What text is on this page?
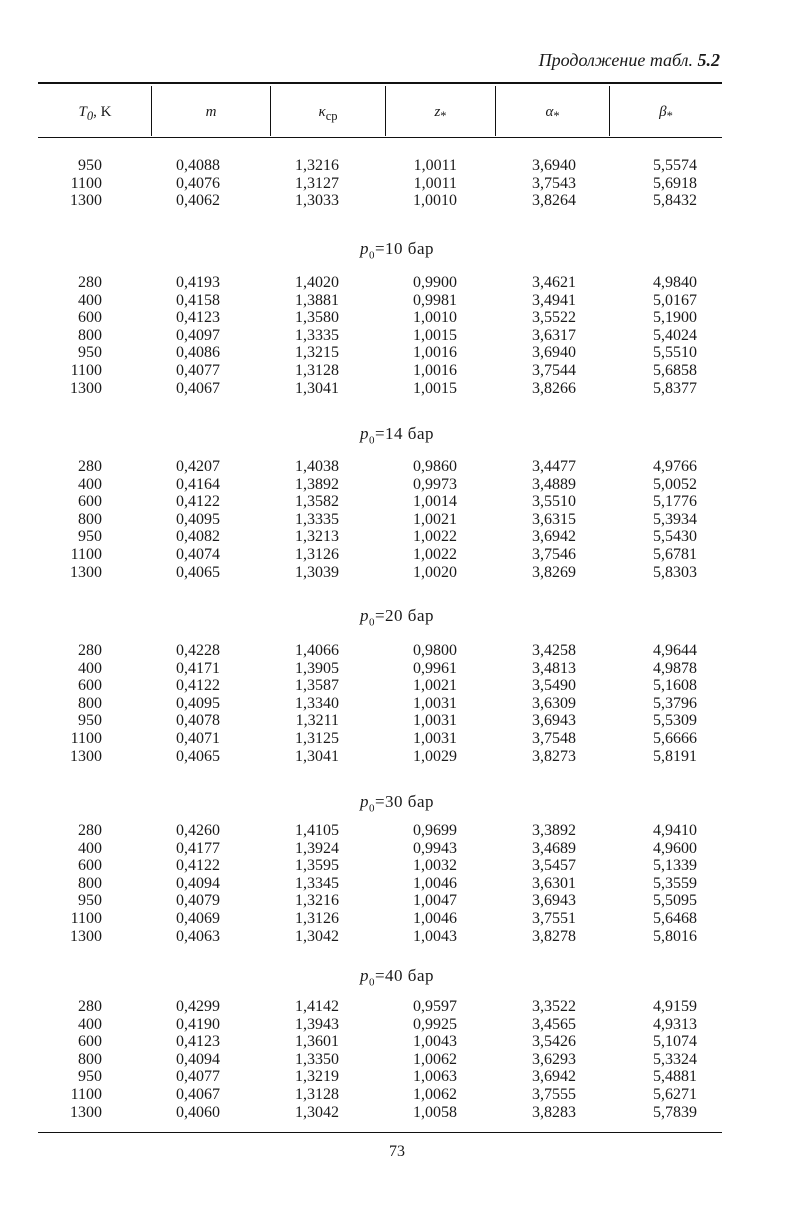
Продолжение табл. 5.2
$T_0$, K	m	$\kappa_{cp}$	$z_*$	$\alpha_*$	$\beta_*$
950	0,4088	1,3216	1,0011	3,6940	5,5574
1100	0,4076	1,3127	1,0011	3,7543	5,6918
1300	0,4062	1,3033	1,0010	3,8264	5,8432
$p_0=10$ бар
280	0,4193	1,4020	0,9900	3,4621	4,9840
400	0,4158	1,3881	0,9981	3,4941	5,0167
600	0,4123	1,3580	1,0010	3,5522	5,1900
800	0,4097	1,3335	1,0015	3,6317	5,4024
950	0,4086	1,3215	1,0016	3,6940	5,5510
1100	0,4077	1,3128	1,0016	3,7544	5,6858
1300	0,4067	1,3041	1,0015	3,8266	5,8377
$p_0=14$ бар
280	0,4207	1,4038	0,9860	3,4477	4,9766
400	0,4164	1,3892	0,9973	3,4889	5,0052
600	0,4122	1,3582	1,0014	3,5510	5,1776
800	0,4095	1,3335	1,0021	3,6315	5,3934
950	0,4082	1,3213	1,0022	3,6942	5,5430
1100	0,4074	1,3126	1,0022	3,7546	5,6781
1300	0,4065	1,3039	1,0020	3,8269	5,8303
$p_0=20$ бар
280	0,4228	1,4066	0,9800	3,4258	4,9644
400	0,4171	1,3905	0,9961	3,4813	4,9878
600	0,4122	1,3587	1,0021	3,5490	5,1608
800	0,4095	1,3340	1,0031	3,6309	5,3796
950	0,4078	1,3211	1,0031	3,6943	5,5309
1100	0,4071	1,3125	1,0031	3,7548	5,6666
1300	0,4065	1,3041	1,0029	3,8273	5,8191
$p_0=30$ бар
280	0,4260	1,4105	0,9699	3,3892	4,9410
400	0,4177	1,3924	0,9943	3,4689	4,9600
600	0,4122	1,3595	1,0032	3,5457	5,1339
800	0,4094	1,3345	1,0046	3,6301	5,3559
950	0,4079	1,3216	1,0047	3,6943	5,5095
1100	0,4069	1,3126	1,0046	3,7551	5,6468
1300	0,4063	1,3042	1,0043	3,8278	5,8016
$p_0=40$ бар
280	0,4299	1,4142	0,9597	3,3522	4,9159
400	0,4190	1,3943	0,9925	3,4565	4,9313
600	0,4123	1,3601	1,0043	3,5426	5,1074
800	0,4094	1,3350	1,0062	3,6293	5,3324
950	0,4077	1,3219	1,0063	3,6942	5,4881
1100	0,4067	1,3128	1,0062	3,7555	5,6271
1300	0,4060	1,3042	1,0058	3,8283	5,7839
73
